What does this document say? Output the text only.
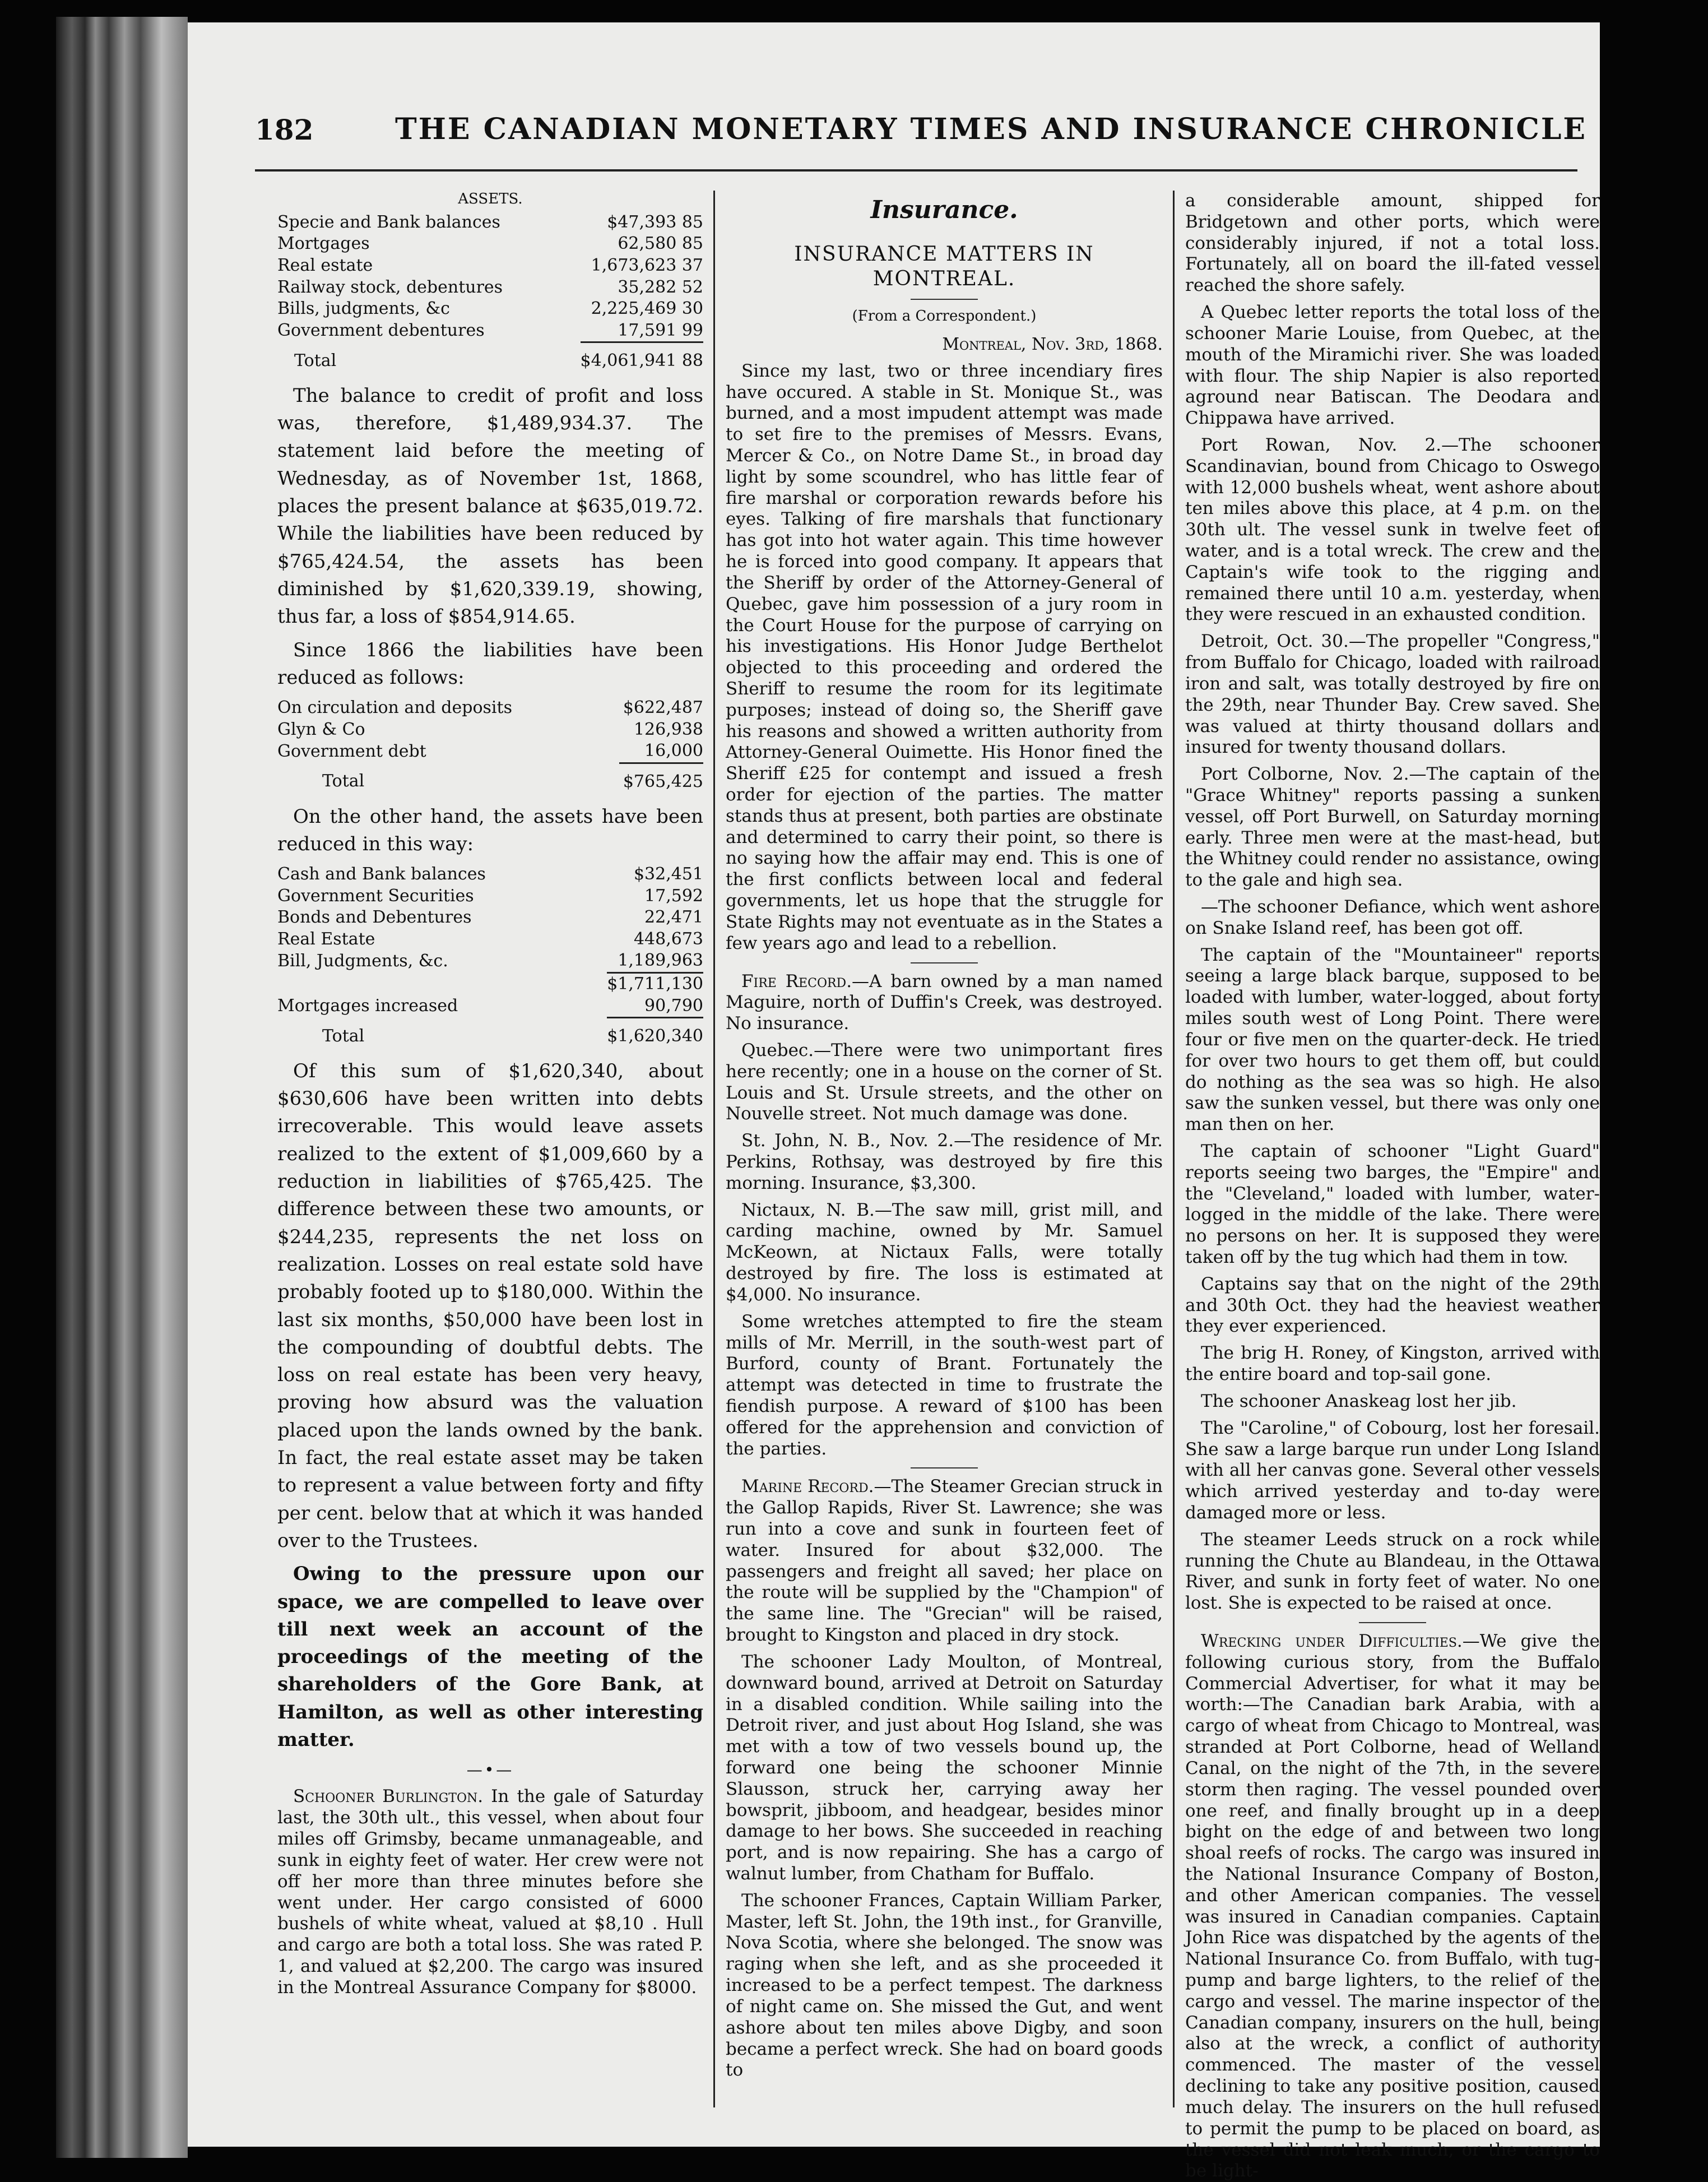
182	THE CANADIAN MONETARY TIMES AND INSURANCE CHRONICLE
ASSETS.
Specie and Bank balances	$47,393 85
Mortgages	62,580 85
Real estate	1,673,623 37
Railway stock, debentures	35,282 52
Bills, judgments, &c	2,225,469 30
Government debentures	17,591 99
Total	$4,061,941 88

The balance to credit of profit and loss was, therefore, $1,489,934.37. The statement laid before the meeting of Wednesday, as of November 1st, 1868, places the present balance at $635,019.72. While the liabilities have been reduced by $765,424.54, the assets has been diminished by $1,620,339.19, showing, thus far, a loss of $854,914.65.

Since 1866 the liabilities have been reduced as follows:

On circulation and deposits	$622,487
Glyn & Co	126,938
Government debt	16,000
Total	$765,425

On the other hand, the assets have been reduced in this way:

Cash and Bank balances	$32,451
Government Securities	17,592
Bonds and Debentures	22,471
Real Estate	448,673
Bill, Judgments, &c.	1,189,963
	$1,711,130
Mortgages increased	90,790
Total	$1,620,340

Of this sum of $1,620,340, about $630,606 have been written into debts irrecoverable. This would leave assets realized to the extent of $1,009,660 by a reduction in liabilities of $765,425. The difference between these two amounts, or $244,235, represents the net loss on realization. Losses on real estate sold have probably footed up to $180,000. Within the last six months, $50,000 have been lost in the compounding of doubtful debts. The loss on real estate has been very heavy, proving how absurd was the valuation placed upon the lands owned by the bank. In fact, the real estate asset may be taken to represent a value between forty and fifty per cent. below that at which it was handed over to the Trustees.

Owing to the pressure upon our space, we are compelled to leave over till next week an account of the proceedings of the meeting of the shareholders of the Gore Bank, at Hamilton, as well as other interesting matter.

—•—

Schooner Burlington. In the gale of Saturday last, the 30th ult., this vessel, when about four miles off Grimsby, became unmanageable, and sunk in eighty feet of water. Her crew were not off her more than three minutes before she went under. Her cargo consisted of 6000 bushels of white wheat, valued at $8,10 . Hull and cargo are both a total loss. She was rated P. 1, and valued at $2,200. The cargo was insured in the Montreal Assurance Company for $8000.

Insurance.
INSURANCE MATTERS IN MONTREAL.
(From a Correspondent.)
Montreal, Nov. 3rd, 1868.

Since my last, two or three incendiary fires have occured. A stable in St. Monique St., was burned, and a most impudent attempt was made to set fire to the premises of Messrs. Evans, Mercer & Co., on Notre Dame St., in broad day light by some scoundrel, who has little fear of fire marshal or corporation rewards before his eyes. Talking of fire marshals that functionary has got into hot water again. This time however he is forced into good company. It appears that the Sheriff by order of the Attorney-General of Quebec, gave him possession of a jury room in the Court House for the purpose of carrying on his investigations. His Honor Judge Berthelot objected to this proceeding and ordered the Sheriff to resume the room for its legitimate purposes; instead of doing so, the Sheriff gave his reasons and showed a written authority from Attorney-General Ouimette. His Honor fined the Sheriff £25 for contempt and issued a fresh order for ejection of the parties. The matter stands thus at present, both parties are obstinate and determined to carry their point, so there is no saying how the affair may end. This is one of the first conflicts between local and federal governments, let us hope that the struggle for State Rights may not eventuate as in the States a few years ago and lead to a rebellion.

Fire Record.—A barn owned by a man named Maguire, north of Duffin's Creek, was destroyed. No insurance.

Quebec.—There were two unimportant fires here recently; one in a house on the corner of St. Louis and St. Ursule streets, and the other on Nouvelle street. Not much damage was done.

St. John, N. B., Nov. 2.—The residence of Mr. Perkins, Rothsay, was destroyed by fire this morning. Insurance, $3,300.

Nictaux, N. B.—The saw mill, grist mill, and carding machine, owned by Mr. Samuel McKeown, at Nictaux Falls, were totally destroyed by fire. The loss is estimated at $4,000. No insurance.

Some wretches attempted to fire the steam mills of Mr. Merrill, in the south-west part of Burford, county of Brant. Fortunately the attempt was detected in time to frustrate the fiendish purpose. A reward of $100 has been offered for the apprehension and conviction of the parties.

Marine Record.—The Steamer Grecian struck in the Gallop Rapids, River St. Lawrence; she was run into a cove and sunk in fourteen feet of water. Insured for about $32,000. The passengers and freight all saved; her place on the route will be supplied by the "Champion" of the same line. The "Grecian" will be raised, brought to Kingston and placed in dry stock.

The schooner Lady Moulton, of Montreal, downward bound, arrived at Detroit on Saturday in a disabled condition. While sailing into the Detroit river, and just about Hog Island, she was met with a tow of two vessels bound up, the forward one being the schooner Minnie Slausson, struck her, carrying away her bowsprit, jibboom, and headgear, besides minor damage to her bows. She succeeded in reaching port, and is now repairing. She has a cargo of walnut lumber, from Chatham for Buffalo.

The schooner Frances, Captain William Parker, Master, left St. John, the 19th inst., for Granville, Nova Scotia, where she belonged. The snow was raging when she left, and as she proceeded it increased to be a perfect tempest. The darkness of night came on. She missed the Gut, and went ashore about ten miles above Digby, and soon became a perfect wreck. She had on board goods to

a considerable amount, shipped for Bridgetown and other ports, which were considerably injured, if not a total loss. Fortunately, all on board the ill-fated vessel reached the shore safely.

A Quebec letter reports the total loss of the schooner Marie Louise, from Quebec, at the mouth of the Miramichi river. She was loaded with flour. The ship Napier is also reported aground near Batiscan. The Deodara and Chippawa have arrived.

Port Rowan, Nov. 2.—The schooner Scandinavian, bound from Chicago to Oswego with 12,000 bushels wheat, went ashore about ten miles above this place, at 4 p.m. on the 30th ult. The vessel sunk in twelve feet of water, and is a total wreck. The crew and the Captain's wife took to the rigging and remained there until 10 a.m. yesterday, when they were rescued in an exhausted condition.

Detroit, Oct. 30.—The propeller "Congress," from Buffalo for Chicago, loaded with railroad iron and salt, was totally destroyed by fire on the 29th, near Thunder Bay. Crew saved. She was valued at thirty thousand dollars and insured for twenty thousand dollars.

Port Colborne, Nov. 2.—The captain of the "Grace Whitney" reports passing a sunken vessel, off Port Burwell, on Saturday morning early. Three men were at the mast-head, but the Whitney could render no assistance, owing to the gale and high sea.

—The schooner Defiance, which went ashore on Snake Island reef, has been got off.

The captain of the "Mountaineer" reports seeing a large black barque, supposed to be loaded with lumber, water-logged, about forty miles south west of Long Point. There were four or five men on the quarter-deck. He tried for over two hours to get them off, but could do nothing as the sea was so high. He also saw the sunken vessel, but there was only one man then on her.

The captain of schooner "Light Guard" reports seeing two barges, the "Empire" and the "Cleveland," loaded with lumber, water-logged in the middle of the lake. There were no persons on her. It is supposed they were taken off by the tug which had them in tow.

Captains say that on the night of the 29th and 30th Oct. they had the heaviest weather they ever experienced.

The brig H. Roney, of Kingston, arrived with the entire board and top-sail gone.

The schooner Anaskeag lost her jib.

The "Caroline," of Cobourg, lost her foresail. She saw a large barque run under Long Island with all her canvas gone. Several other vessels which arrived yesterday and to-day were damaged more or less.

The steamer Leeds struck on a rock while running the Chute au Blandeau, in the Ottawa River, and sunk in forty feet of water. No one lost. She is expected to be raised at once.

Wrecking under Difficulties.—We give the following curious story, from the Buffalo Commercial Advertiser, for what it may be worth:—The Canadian bark Arabia, with a cargo of wheat from Chicago to Montreal, was stranded at Port Colborne, head of Welland Canal, on the night of the 7th, in the severe storm then raging. The vessel pounded over one reef, and finally brought up in a deep bight on the edge of and between two long shoal reefs of rocks. The cargo was insured in the National Insurance Company of Boston, and other American companies. The vessel was insured in Canadian companies. Captain John Rice was dispatched by the agents of the National Insurance Co. from Buffalo, with tug-pump and barge lighters, to the relief of the cargo and vessel. The marine inspector of the Canadian company, insurers on the hull, being also at the wreck, a conflict of authority commenced. The master of the vessel declining to take any positive position, caused much delay. The insurers on the hull refused to permit the pump to be placed on board, as the vessel did not leak much, or the cargo to be light-
